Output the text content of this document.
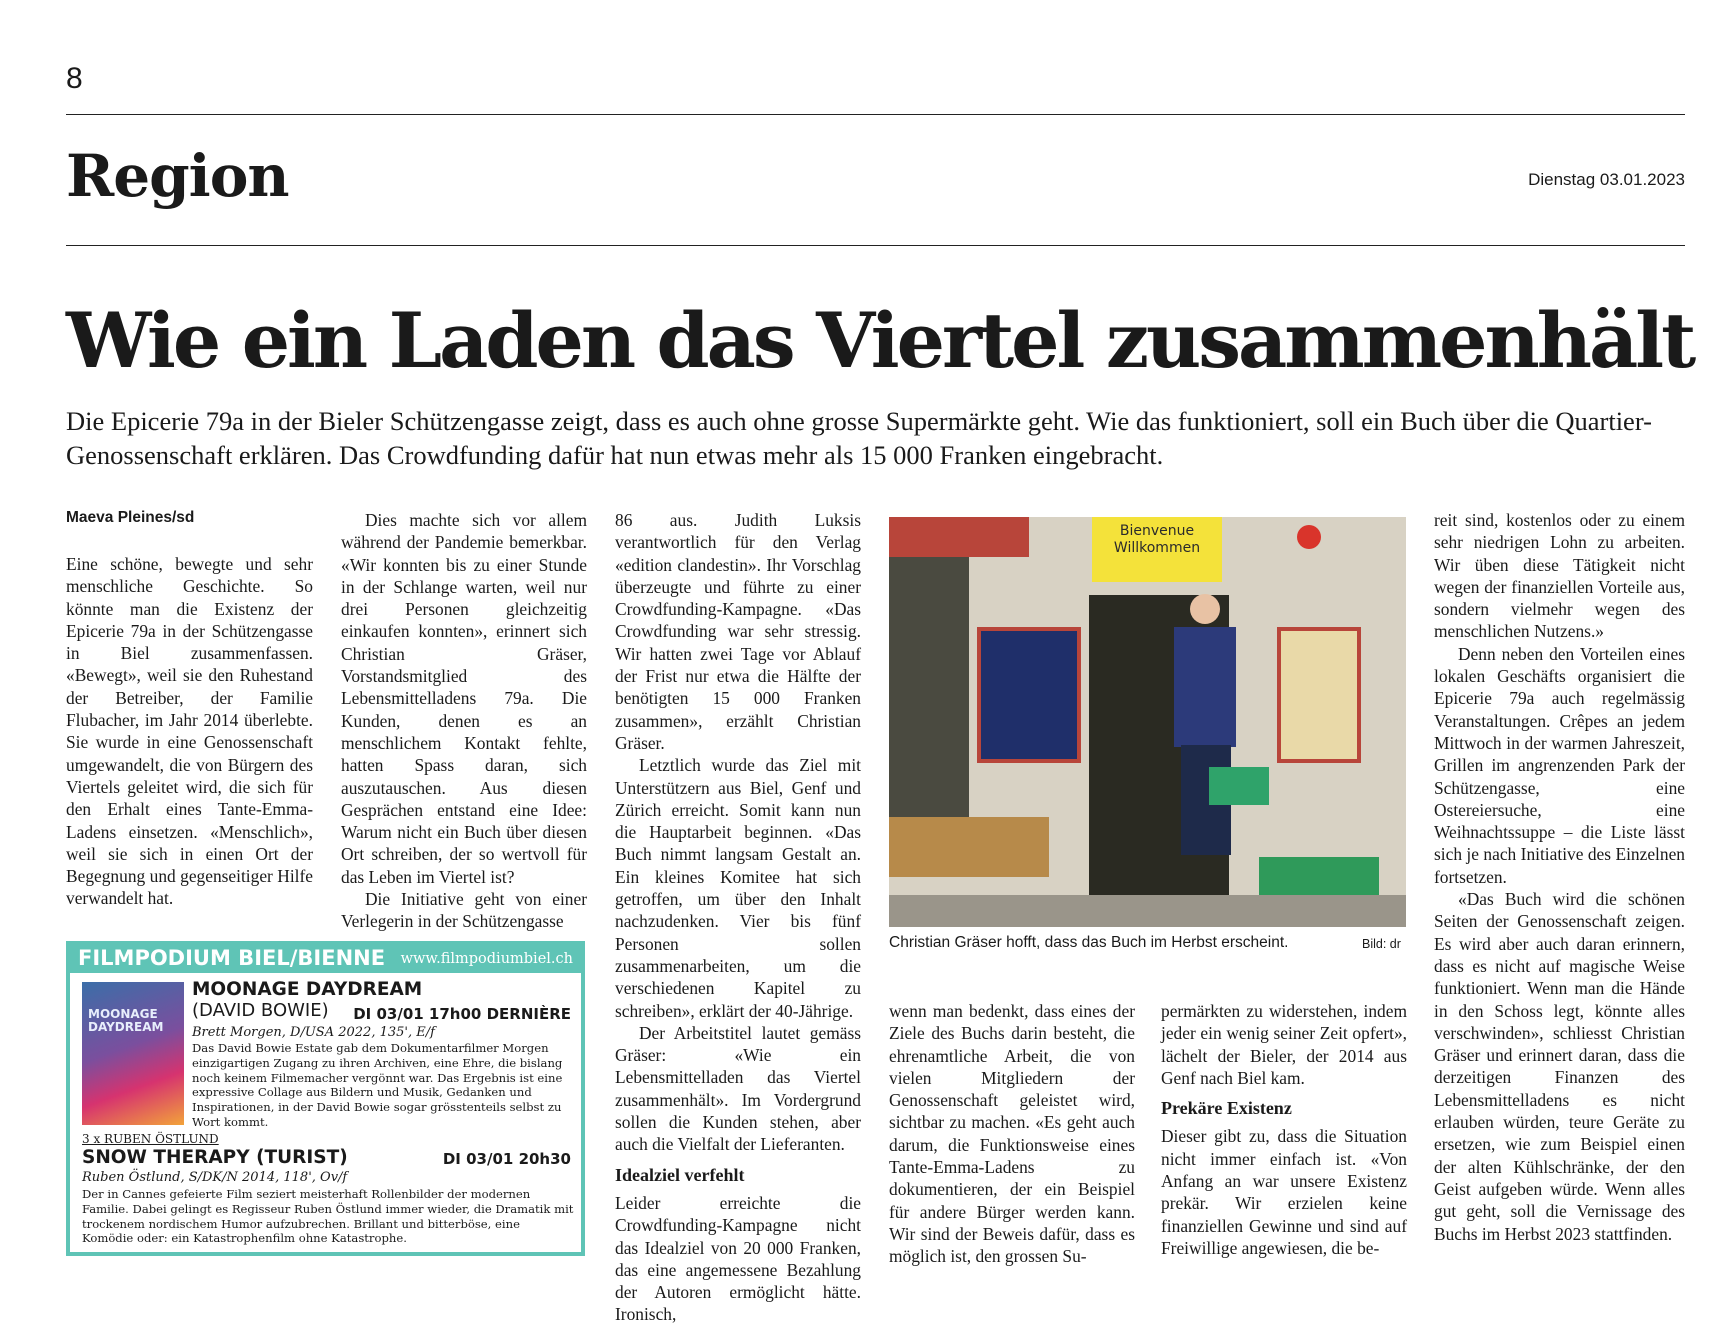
8
Region	Dienstag 03.01.2023
Wie ein Laden das Viertel zusammenhält
Die Epicerie 79a in der Bieler Schützengasse zeigt, dass es auch ohne grosse Supermärkte geht. Wie das funktioniert, soll ein Buch über die Quartier-Genossenschaft erklären. Das Crowdfunding dafür hat nun etwas mehr als 15 000 Franken eingebracht.
Maeva Pleines/sd

Eine schöne, bewegte und sehr menschliche Geschichte. So könnte man die Existenz der Epicerie 79a in der Schützengasse in Biel zusammenfassen. «Bewegt», weil sie den Ruhestand der Betreiber, der Familie Flubacher, im Jahr 2014 überlebte. Sie wurde in eine Genossenschaft umgewandelt, die von Bürgern des Viertels geleitet wird, die sich für den Erhalt eines Tante-Emma-Ladens einsetzen. «Menschlich», weil sie sich in einen Ort der Begegnung und gegenseitiger Hilfe verwandelt hat.

Dies machte sich vor allem während der Pandemie bemerkbar. «Wir konnten bis zu einer Stunde in der Schlange warten, weil nur drei Personen gleichzeitig einkaufen konnten», erinnert sich Christian Gräser, Vorstandsmitglied des Lebensmittelladens 79a. Die Kunden, denen es an menschlichem Kontakt fehlte, hatten Spass daran, sich auszutauschen. Aus diesen Gesprächen entstand eine Idee: Warum nicht ein Buch über diesen Ort schreiben, der so wertvoll für das Leben im Viertel ist?

Die Initiative geht von einer Verlegerin in der Schützengasse

86 aus. Judith Luksis verantwortlich für den Verlag «edition clandestin». Ihr Vorschlag überzeugte und führte zu einer Crowdfunding-Kampagne. «Das Crowdfunding war sehr stressig. Wir hatten zwei Tage vor Ablauf der Frist nur etwa die Hälfte der benötigten 15 000 Franken zusammen», erzählt Christian Gräser.

Letztlich wurde das Ziel mit Unterstützern aus Biel, Genf und Zürich erreicht. Somit kann nun die Hauptarbeit beginnen. «Das Buch nimmt langsam Gestalt an. Ein kleines Komitee hat sich getroffen, um über den Inhalt nachzudenken. Vier bis fünf Personen sollen zusammenarbeiten, um die verschiedenen Kapitel zu schreiben», erklärt der 40-Jährige.

Der Arbeitstitel lautet gemäss Gräser: «Wie ein Lebensmittelladen das Viertel zusammenhält». Im Vordergrund sollen die Kunden stehen, aber auch die Vielfalt der Lieferanten.

Idealziel verfehlt

Leider erreichte die Crowdfunding-Kampagne nicht das Idealziel von 20 000 Franken, das eine angemessene Bezahlung der Autoren ermöglicht hätte. Ironisch,

Bienvenue
Willkommen
Christian Gräser hofft, dass das Buch im Herbst erscheint.	Bild: dr

wenn man bedenkt, dass eines der Ziele des Buchs darin besteht, die ehrenamtliche Arbeit, die von vielen Mitgliedern der Genossenschaft geleistet wird, sichtbar zu machen. «Es geht auch darum, die Funktionsweise eines Tante-Emma-Ladens zu dokumentieren, der ein Beispiel für andere Bürger werden kann. Wir sind der Beweis dafür, dass es möglich ist, den grossen Su-

permärkten zu widerstehen, indem jeder ein wenig seiner Zeit opfert», lächelt der Bieler, der 2014 aus Genf nach Biel kam.

Prekäre Existenz

Dieser gibt zu, dass die Situation nicht immer einfach ist. «Von Anfang an war unsere Existenz prekär. Wir erzielen keine finanziellen Gewinne und sind auf Freiwillige angewiesen, die be-

reit sind, kostenlos oder zu einem sehr niedrigen Lohn zu arbeiten. Wir üben diese Tätigkeit nicht wegen der finanziellen Vorteile aus, sondern vielmehr wegen des menschlichen Nutzens.»

Denn neben den Vorteilen eines lokalen Geschäfts organisiert die Epicerie 79a auch regelmässig Veranstaltungen. Crêpes an jedem Mittwoch in der warmen Jahreszeit, Grillen im angrenzenden Park der Schützengasse, eine Ostereiersuche, eine Weihnachtssuppe – die Liste lässt sich je nach Initiative des Einzelnen fortsetzen.

«Das Buch wird die schönen Seiten der Genossenschaft zeigen. Es wird aber auch daran erinnern, dass es nicht auf magische Weise funktioniert. Wenn man die Hände in den Schoss legt, könnte alles verschwinden», schliesst Christian Gräser und erinnert daran, dass die derzeitigen Finanzen des Lebensmittelladens es nicht erlauben würden, teure Geräte zu ersetzen, wie zum Beispiel einen der alten Kühlschränke, der den Geist aufgeben würde. Wenn alles gut geht, soll die Vernissage des Buchs im Herbst 2023 stattfinden.

FILMPODIUM BIEL/BIENNE www.filmpodiumbiel.ch
MOONAGE
DAYDREAM
MOONAGE DAYDREAM
(DAVID BOWIE) DI 03/01 17h00 DERNIÈRE
Brett Morgen, D/USA 2022, 135', E/f
Das David Bowie Estate gab dem Dokumentarfilmer Morgen einzigartigen Zugang zu ihren Archiven, eine Ehre, die bislang noch keinem Filmemacher vergönnt war. Das Ergebnis ist eine expressive Collage aus Bildern und Musik, Gedanken und Inspirationen, in der David Bowie sogar grösstenteils selbst zu Wort kommt.
3 x RUBEN ÖSTLUND
SNOW THERAPY (TURIST)	DI 03/01 20h30
Ruben Östlund, S/DK/N 2014, 118', Ov/f
Der in Cannes gefeierte Film seziert meisterhaft Rollenbilder der modernen Familie. Dabei gelingt es Regisseur Ruben Östlund immer wieder, die Dramatik mit trockenem nordischem Humor aufzubrechen. Brillant und bitterböse, eine Komödie oder: ein Katastrophenfilm ohne Katastrophe.
